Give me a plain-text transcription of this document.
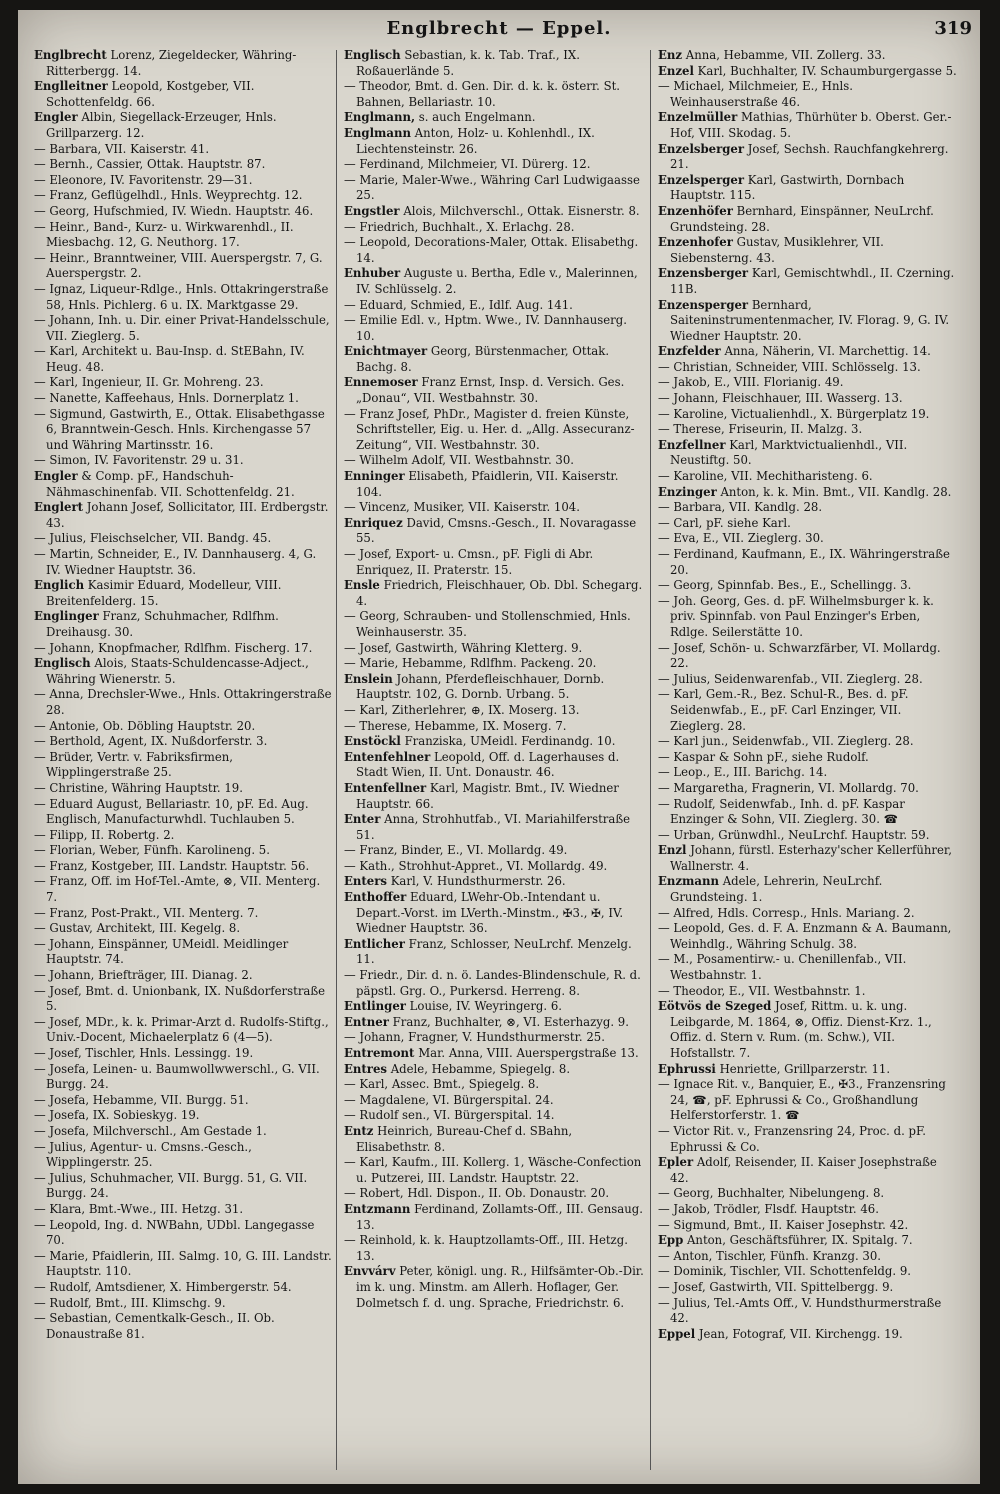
Englbrecht — Eppel.	319

Englbrecht Lorenz, Ziegeldecker, Währing-Ritterbergg. 14.

Englleitner Leopold, Kostgeber, VII. Schottenfeldg. 66.

Engler Albin, Siegellack-Erzeuger, Hnls. Grillparzerg. 12.

— Barbara, VII. Kaiserstr. 41.

— Bernh., Cassier, Ottak. Hauptstr. 87.

— Eleonore, IV. Favoritenstr. 29—31.

— Franz, Geflügelhdl., Hnls. Weyprechtg. 12.

— Georg, Hufschmied, IV. Wiedn. Hauptstr. 46.

— Heinr., Band-, Kurz- u. Wirkwarenhdl., II. Miesbachg. 12, G. Neuthorg. 17.

— Heinr., Branntweiner, VIII. Auerspergstr. 7, G. Auerspergstr. 2.

— Ignaz, Liqueur-Rdlge., Hnls. Ottakringerstraße 58, Hnls. Pichlerg. 6 u. IX. Marktgasse 29.

— Johann, Inh. u. Dir. einer Privat-Handelsschule, VII. Zieglerg. 5.

— Karl, Architekt u. Bau-Insp. d. StEBahn, IV. Heug. 48.

— Karl, Ingenieur, II. Gr. Mohreng. 23.

— Nanette, Kaffeehaus, Hnls. Dornerplatz 1.

— Sigmund, Gastwirth, E., Ottak. Elisabethgasse 6, Branntwein-Gesch. Hnls. Kirchengasse 57 und Währing Martinsstr. 16.

— Simon, IV. Favoritenstr. 29 u. 31.

Engler & Comp. pF., Handschuh-Nähmaschinenfab. VII. Schottenfeldg. 21.

Englert Johann Josef, Sollicitator, III. Erdbergstr. 43.

— Julius, Fleischselcher, VII. Bandg. 45.

— Martin, Schneider, E., IV. Dannhauserg. 4, G. IV. Wiedner Hauptstr. 36.

Englich Kasimir Eduard, Modelleur, VIII. Breitenfelderg. 15.

Englinger Franz, Schuhmacher, Rdlfhm. Dreihausg. 30.

— Johann, Knopfmacher, Rdlfhm. Fischerg. 17.

Englisch Alois, Staats-Schuldencasse-Adject., Währing Wienerstr. 5.

— Anna, Drechsler-Wwe., Hnls. Ottakringerstraße 28.

— Antonie, Ob. Döbling Hauptstr. 20.

— Berthold, Agent, IX. Nußdorferstr. 3.

— Brüder, Vertr. v. Fabriksfirmen, Wipplingerstraße 25.

— Christine, Währing Hauptstr. 19.

— Eduard August, Bellariastr. 10, pF. Ed. Aug. Englisch, Manufacturwhdl. Tuchlauben 5.

— Filipp, II. Robertg. 2.

— Florian, Weber, Fünfh. Karolineng. 5.

— Franz, Kostgeber, III. Landstr. Hauptstr. 56.

— Franz, Off. im Hof-Tel.-Amte, ⊗, VII. Menterg. 7.

— Franz, Post-Prakt., VII. Menterg. 7.

— Gustav, Architekt, III. Kegelg. 8.

— Johann, Einspänner, UMeidl. Meidlinger Hauptstr. 74.

— Johann, Briefträger, III. Dianag. 2.

— Josef, Bmt. d. Unionbank, IX. Nußdorferstraße 5.

— Josef, MDr., k. k. Primar-Arzt d. Rudolfs-Stiftg., Univ.-Docent, Michaelerplatz 6 (4—5).

— Josef, Tischler, Hnls. Lessingg. 19.

— Josefa, Leinen- u. Baumwollwwerschl., G. VII. Burgg. 24.

— Josefa, Hebamme, VII. Burgg. 51.

— Josefa, IX. Sobieskyg. 19.

— Josefa, Milchverschl., Am Gestade 1.

— Julius, Agentur- u. Cmsns.-Gesch., Wipplingerstr. 25.

— Julius, Schuhmacher, VII. Burgg. 51, G. VII. Burgg. 24.

— Klara, Bmt.-Wwe., III. Hetzg. 31.

— Leopold, Ing. d. NWBahn, UDbl. Langegasse 70.

— Marie, Pfaidlerin, III. Salmg. 10, G. III. Landstr. Hauptstr. 110.

— Rudolf, Amtsdiener, X. Himbergerstr. 54.

— Rudolf, Bmt., III. Klimschg. 9.

— Sebastian, Cementkalk-Gesch., II. Ob. Donaustraße 81.

Englisch Sebastian, k. k. Tab. Traf., IX. Roßauerlände 5.

— Theodor, Bmt. d. Gen. Dir. d. k. k. österr. St. Bahnen, Bellariastr. 10.

Englmann, s. auch Engelmann.

Englmann Anton, Holz- u. Kohlenhdl., IX. Liechtensteinstr. 26.

— Ferdinand, Milchmeier, VI. Dürerg. 12.

— Marie, Maler-Wwe., Währing Carl Ludwigaasse 25.

Engstler Alois, Milchverschl., Ottak. Eisnerstr. 8.

— Friedrich, Buchhalt., X. Erlachg. 28.

— Leopold, Decorations-Maler, Ottak. Elisabethg. 14.

Enhuber Auguste u. Bertha, Edle v., Malerinnen, IV. Schlüsselg. 2.

— Eduard, Schmied, E., Idlf. Aug. 141.

— Emilie Edl. v., Hptm. Wwe., IV. Dannhauserg. 10.

Enichtmayer Georg, Bürstenmacher, Ottak. Bachg. 8.

Ennemoser Franz Ernst, Insp. d. Versich. Ges. „Donau“, VII. Westbahnstr. 30.

— Franz Josef, PhDr., Magister d. freien Künste, Schriftsteller, Eig. u. Her. d. „Allg. Assecuranz-Zeitung“, VII. Westbahnstr. 30.

— Wilhelm Adolf, VII. Westbahnstr. 30.

Enninger Elisabeth, Pfaidlerin, VII. Kaiserstr. 104.

— Vincenz, Musiker, VII. Kaiserstr. 104.

Enriquez David, Cmsns.-Gesch., II. Novaragasse 55.

— Josef, Export- u. Cmsn., pF. Figli di Abr. Enriquez, II. Praterstr. 15.

Ensle Friedrich, Fleischhauer, Ob. Dbl. Schegarg. 4.

— Georg, Schrauben- und Stollenschmied, Hnls. Weinhauserstr. 35.

— Josef, Gastwirth, Währing Kletterg. 9.

— Marie, Hebamme, Rdlfhm. Packeng. 20.

Enslein Johann, Pferdefleischhauer, Dornb. Hauptstr. 102, G. Dornb. Urbang. 5.

— Karl, Zitherlehrer, ⊕, IX. Moserg. 13.

— Therese, Hebamme, IX. Moserg. 7.

Enstöckl Franziska, UMeidl. Ferdinandg. 10.

Entenfehlner Leopold, Off. d. Lagerhauses d. Stadt Wien, II. Unt. Donaustr. 46.

Entenfellner Karl, Magistr. Bmt., IV. Wiedner Hauptstr. 66.

Enter Anna, Strohhutfab., VI. Mariahilferstraße 51.

— Franz, Binder, E., VI. Mollardg. 49.

— Kath., Strohhut-Appret., VI. Mollardg. 49.

Enters Karl, V. Hundsthurmerstr. 26.

Enthoffer Eduard, LWehr-Ob.-Intendant u. Depart.-Vorst. im LVerth.-Minstm., ✠3., ✠, IV. Wiedner Hauptstr. 36.

Entlicher Franz, Schlosser, NeuLrchf. Menzelg. 11.

— Friedr., Dir. d. n. ö. Landes-Blindenschule, R. d. päpstl. Grg. O., Purkersd. Herreng. 8.

Entlinger Louise, IV. Weyringerg. 6.

Entner Franz, Buchhalter, ⊗, VI. Esterhazyg. 9.

— Johann, Fragner, V. Hundsthurmerstr. 25.

Entremont Mar. Anna, VIII. Auerspergstraße 13.

Entres Adele, Hebamme, Spiegelg. 8.

— Karl, Assec. Bmt., Spiegelg. 8.

— Magdalene, VI. Bürgerspital. 24.

— Rudolf sen., VI. Bürgerspital. 14.

Entz Heinrich, Bureau-Chef d. SBahn, Elisabethstr. 8.

— Karl, Kaufm., III. Kollerg. 1, Wäsche-Confection u. Putzerei, III. Landstr. Hauptstr. 22.

— Robert, Hdl. Dispon., II. Ob. Donaustr. 20.

Entzmann Ferdinand, Zollamts-Off., III. Gensaug. 13.

— Reinhold, k. k. Hauptzollamts-Off., III. Hetzg. 13.

Envvárv Peter, königl. ung. R., Hilfsämter-Ob.-Dir. im k. ung. Minstm. am Allerh. Hoflager, Ger. Dolmetsch f. d. ung. Sprache, Friedrichstr. 6.

Enz Anna, Hebamme, VII. Zollerg. 33.

Enzel Karl, Buchhalter, IV. Schaumburgergasse 5.

— Michael, Milchmeier, E., Hnls. Weinhauserstraße 46.

Enzelmüller Mathias, Thürhüter b. Oberst. Ger.-Hof, VIII. Skodag. 5.

Enzelsberger Josef, Sechsh. Rauchfangkehrerg. 21.

Enzelsperger Karl, Gastwirth, Dornbach Hauptstr. 115.

Enzenhöfer Bernhard, Einspänner, NeuLrchf. Grundsteing. 28.

Enzenhofer Gustav, Musiklehrer, VII. Siebensterng. 43.

Enzensberger Karl, Gemischtwhdl., II. Czerning. 11B.

Enzensperger Bernhard, Saiteninstrumentenmacher, IV. Florag. 9, G. IV. Wiedner Hauptstr. 20.

Enzfelder Anna, Näherin, VI. Marchettig. 14.

— Christian, Schneider, VIII. Schlösselg. 13.

— Jakob, E., VIII. Florianig. 49.

— Johann, Fleischhauer, III. Wasserg. 13.

— Karoline, Victualienhdl., X. Bürgerplatz 19.

— Therese, Friseurin, II. Malzg. 3.

Enzfellner Karl, Marktvictualienhdl., VII. Neustiftg. 50.

— Karoline, VII. Mechitharisteng. 6.

Enzinger Anton, k. k. Min. Bmt., VII. Kandlg. 28.

— Barbara, VII. Kandlg. 28.

— Carl, pF. siehe Karl.

— Eva, E., VII. Zieglerg. 30.

— Ferdinand, Kaufmann, E., IX. Währingerstraße 20.

— Georg, Spinnfab. Bes., E., Schellingg. 3.

— Joh. Georg, Ges. d. pF. Wilhelmsburger k. k. priv. Spinnfab. von Paul Enzinger's Erben, Rdlge. Seilerstätte 10.

— Josef, Schön- u. Schwarzfärber, VI. Mollardg. 22.

— Julius, Seidenwarenfab., VII. Zieglerg. 28.

— Karl, Gem.-R., Bez. Schul-R., Bes. d. pF. Seidenwfab., E., pF. Carl Enzinger, VII. Zieglerg. 28.

— Karl jun., Seidenwfab., VII. Zieglerg. 28.

— Kaspar & Sohn pF., siehe Rudolf.

— Leop., E., III. Barichg. 14.

— Margaretha, Fragnerin, VI. Mollardg. 70.

— Rudolf, Seidenwfab., Inh. d. pF. Kaspar Enzinger & Sohn, VII. Zieglerg. 30. ☎

— Urban, Grünwdhl., NeuLrchf. Hauptstr. 59.

Enzl Johann, fürstl. Esterhazy'scher Kellerführer, Wallnerstr. 4.

Enzmann Adele, Lehrerin, NeuLrchf. Grundsteing. 1.

— Alfred, Hdls. Corresp., Hnls. Mariang. 2.

— Leopold, Ges. d. F. A. Enzmann & A. Baumann, Weinhdlg., Währing Schulg. 38.

— M., Posamentirw.- u. Chenillenfab., VII. Westbahnstr. 1.

— Theodor, E., VII. Westbahnstr. 1.

Eötvös de Szeged Josef, Rittm. u. k. ung. Leibgarde, M. 1864, ⊗, Offiz. Dienst-Krz. 1., Offiz. d. Stern v. Rum. (m. Schw.), VII. Hofstallstr. 7.

Ephrussi Henriette, Grillparzerstr. 11.

— Ignace Rit. v., Banquier, E., ✠3., Franzensring 24, ☎, pF. Ephrussi & Co., Großhandlung Helferstorferstr. 1. ☎

— Victor Rit. v., Franzensring 24, Proc. d. pF. Ephrussi & Co.

Epler Adolf, Reisender, II. Kaiser Josephstraße 42.

— Georg, Buchhalter, Nibelungeng. 8.

— Jakob, Trödler, Flsdf. Hauptstr. 46.

— Sigmund, Bmt., II. Kaiser Josephstr. 42.

Epp Anton, Geschäftsführer, IX. Spitalg. 7.

— Anton, Tischler, Fünfh. Kranzg. 30.

— Dominik, Tischler, VII. Schottenfeldg. 9.

— Josef, Gastwirth, VII. Spittelbergg. 9.

— Julius, Tel.-Amts Off., V. Hundsthurmerstraße 42.

Eppel Jean, Fotograf, VII. Kirchengg. 19.
